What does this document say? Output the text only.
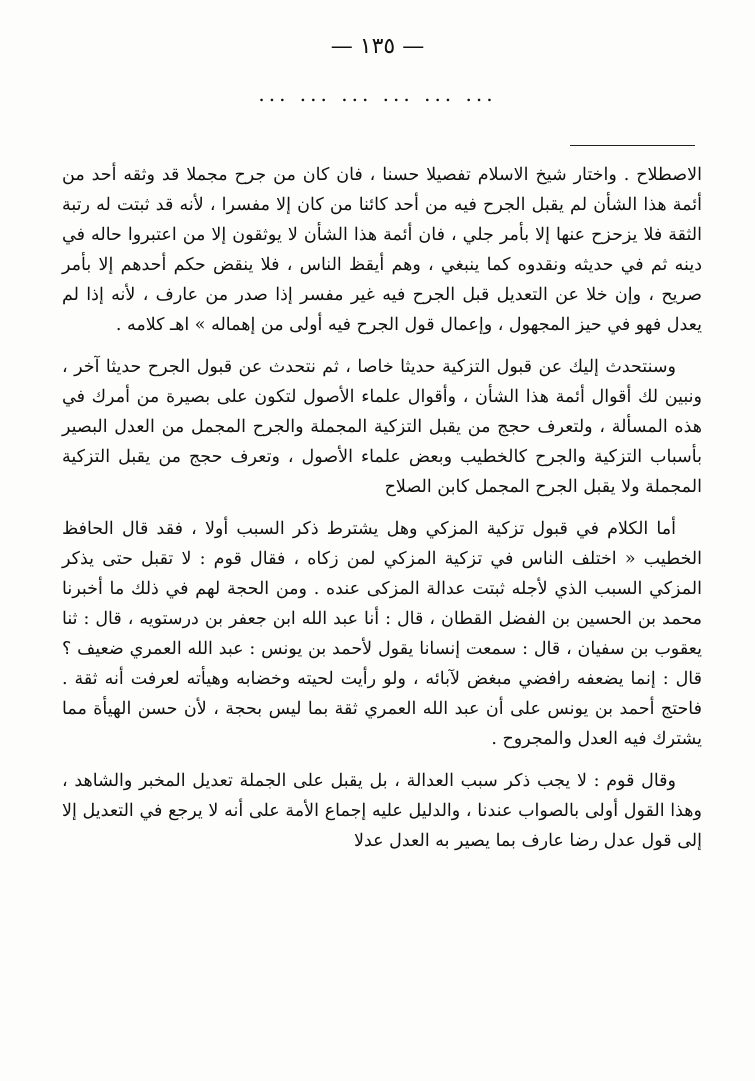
— ١٣٥ —
... ... ... ... ... ...

الاصطلاح . واختار شيخ الاسلام تفصيلا حسنا ، فان كان من جرح مجملا قد وثقه أحد من أئمة هذا الشأن لم يقبل الجرح فيه من أحد كائنا من كان إلا مفسرا ، لأنه قد ثبتت له رتبة الثقة فلا يزحزح عنها إلا بأمر جلي ، فان أئمة هذا الشأن لا يوثقون إلا من اعتبروا حاله في دينه ثم في حديثه ونقدوه كما ينبغي ، وهم أيقظ الناس ، فلا ينقض حكم أحدهم إلا بأمر صريح ، وإن خلا عن التعديل قبل الجرح فيه غير مفسر إذا صدر من عارف ، لأنه إذا لم يعدل فهو في حيز المجهول ، وإعمال قول الجرح فيه أولى من إهماله » اهـ كلامه .

وسنتحدث إليك عن قبول التزكية حديثا خاصا ، ثم نتحدث عن قبول الجرح حديثا آخر ، ونبين لك أقوال أئمة هذا الشأن ، وأقوال علماء الأصول لتكون على بصيرة من أمرك في هذه المسألة ، ولتعرف حجج من يقبل التزكية المجملة والجرح المجمل من العدل البصير بأسباب التزكية والجرح كالخطيب وبعض علماء الأصول ، وتعرف حجج من يقبل التزكية المجملة ولا يقبل الجرح المجمل كابن الصلاح

أما الكلام في قبول تزكية المزكي وهل يشترط ذكر السبب أولا ، فقد قال الحافظ الخطيب « اختلف الناس في تزكية المزكي لمن زكاه ، فقال قوم : لا تقبل حتى يذكر المزكي السبب الذي لأجله ثبتت عدالة المزكى عنده . ومن الحجة لهم في ذلك ما أخبرنا محمد بن الحسين بن الفضل القطان ، قال : أنا عبد الله ابن جعفر بن درستويه ، قال : ثنا يعقوب بن سفيان ، قال : سمعت إنسانا يقول لأحمد بن يونس : عبد الله العمري ضعيف ؟ قال : إنما يضعفه رافضي مبغض لآبائه ، ولو رأيت لحيته وخضابه وهيأته لعرفت أنه ثقة . فاحتج أحمد بن يونس على أن عبد الله العمري ثقة بما ليس بحجة ، لأن حسن الهيأة مما يشترك فيه العدل والمجروح .

وقال قوم : لا يجب ذكر سبب العدالة ، بل يقبل على الجملة تعديل المخبر والشاهد ، وهذا القول أولى بالصواب عندنا ، والدليل عليه إجماع الأمة على أنه لا يرجع في التعديل إلا إلى قول عدل رضا عارف بما يصير به العدل عدلا
